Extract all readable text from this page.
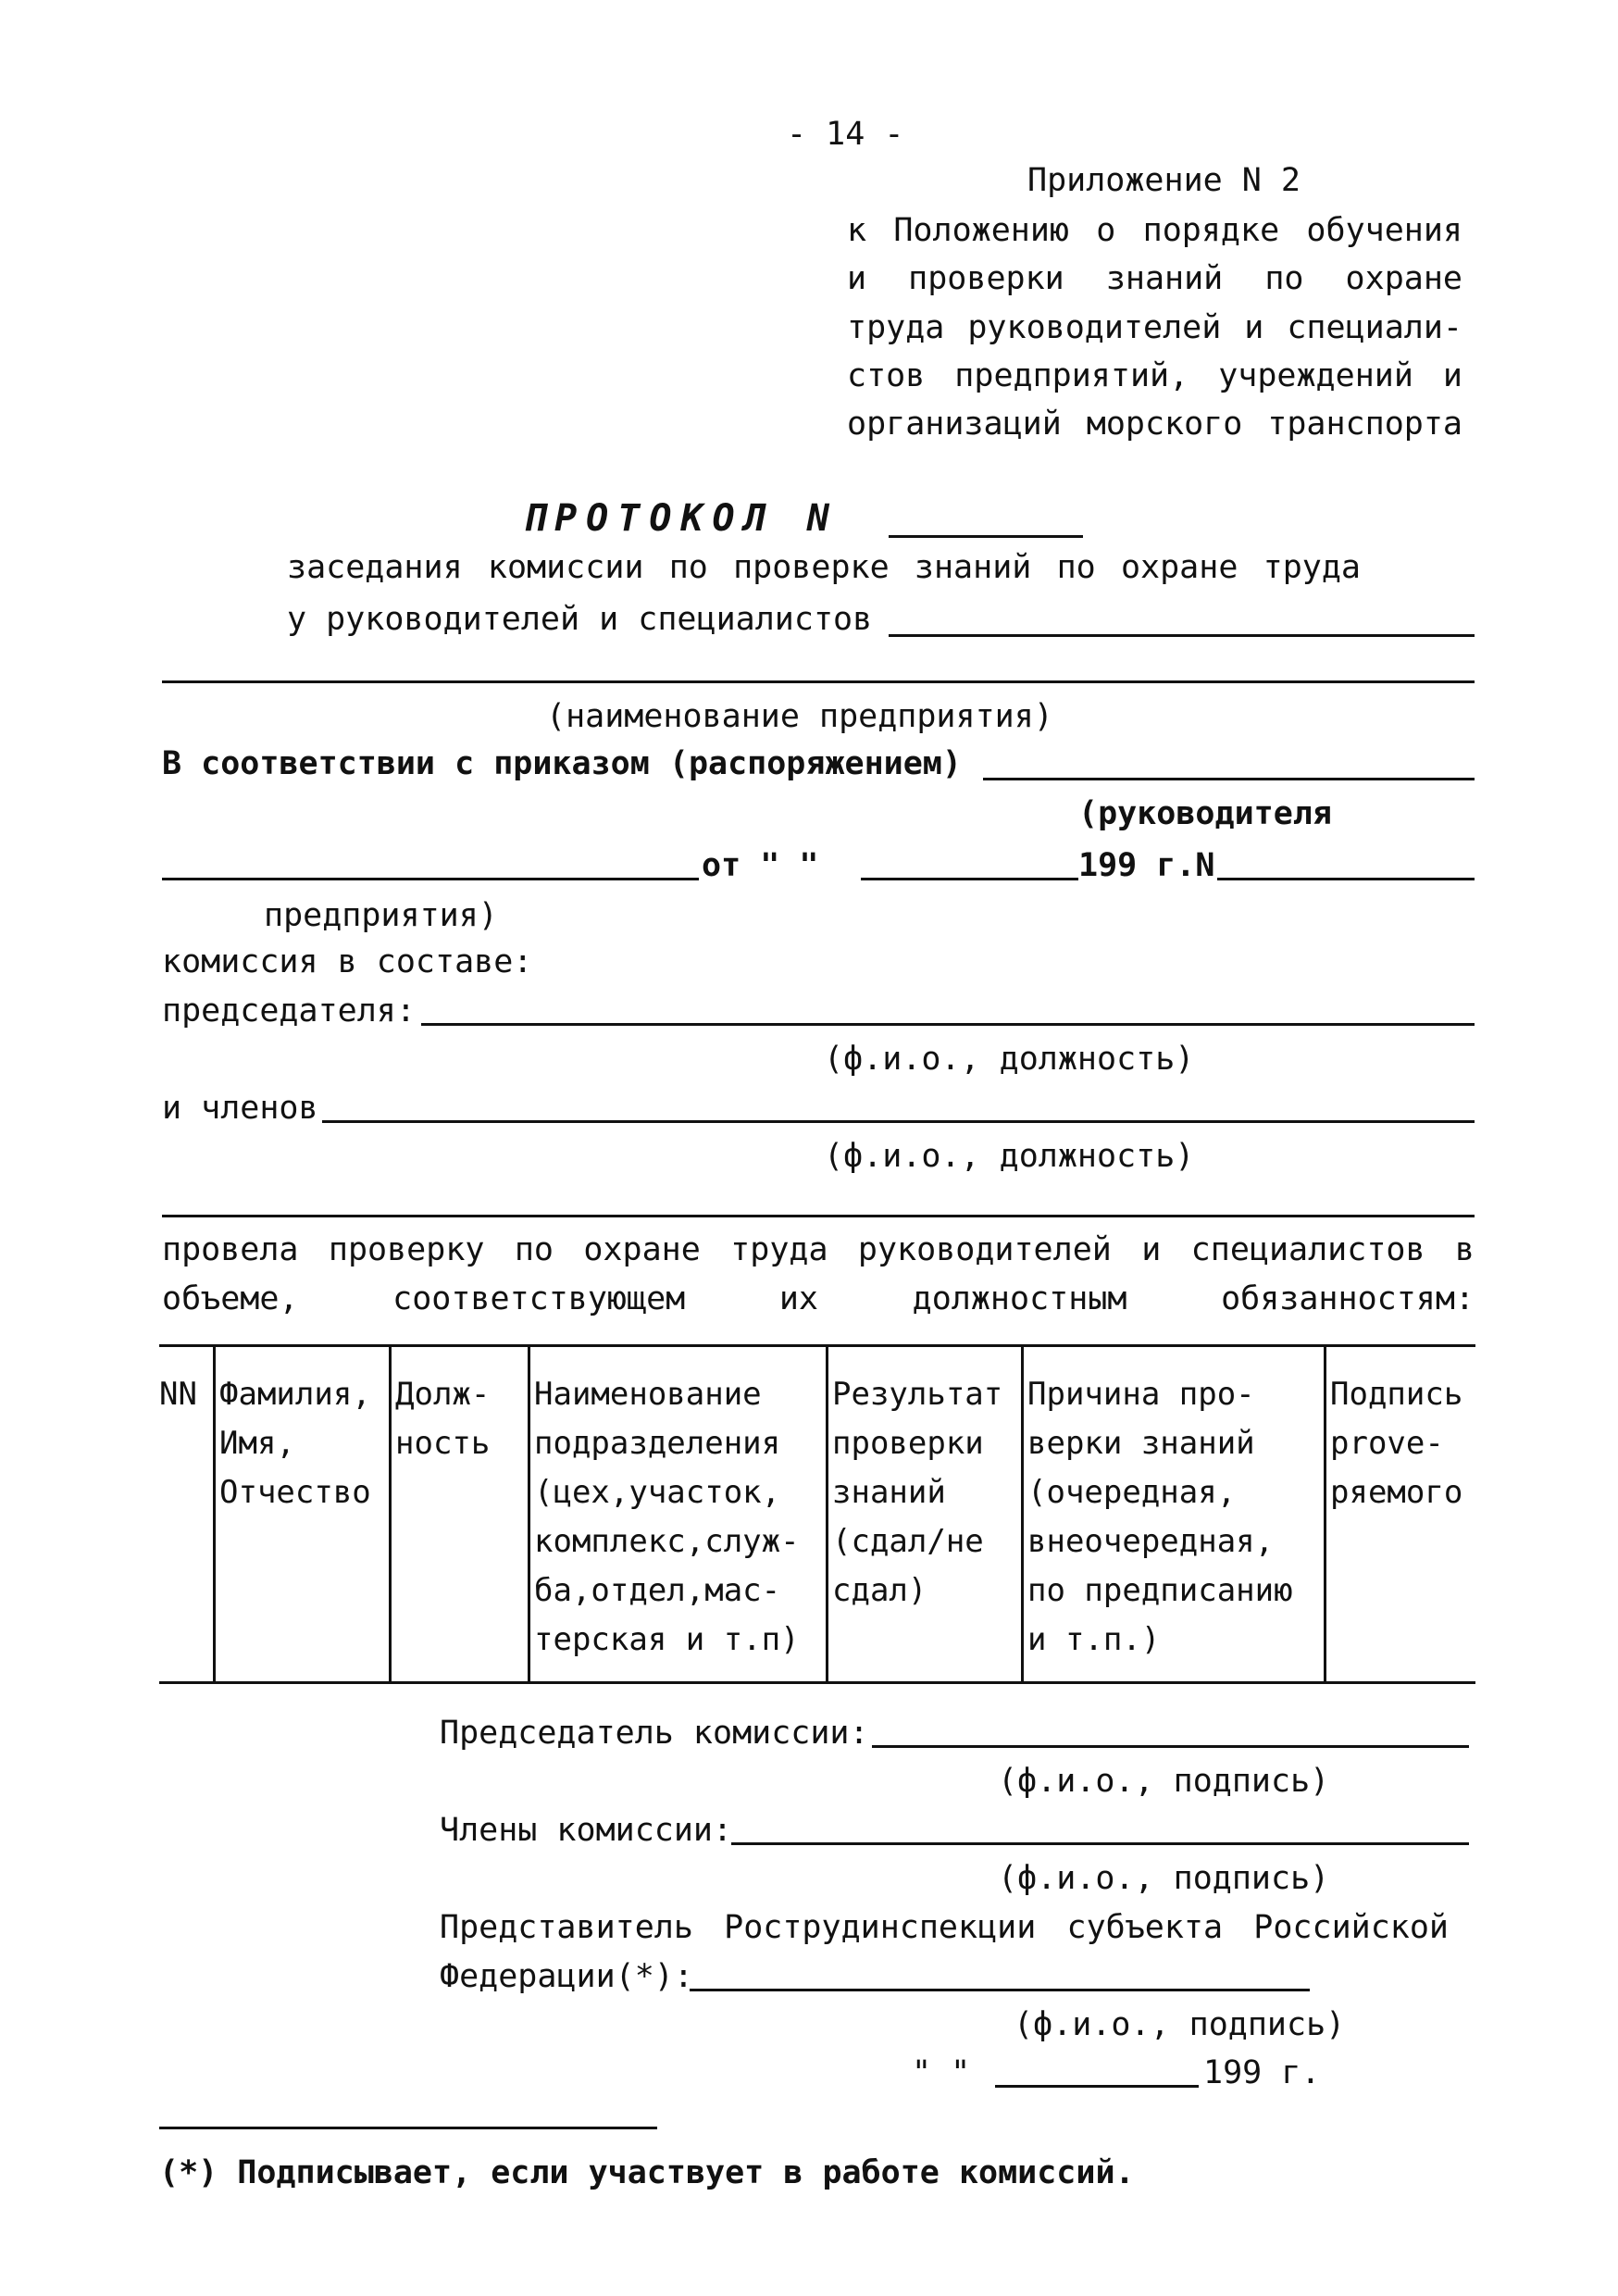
- 14 -
Приложение N 2
к Положению о порядке обучения
и проверки знаний по охране
труда руководителей и специали-
стов предприятий, учреждений и
организаций морского транспорта
ПРОТОКОЛ N
заседания комиссии по проверке знаний по охране труда
у руководителей и специалистов
(наименование предприятия)
В соответствии с приказом (распоряжением)
(руководителя
от " "	199 г.N
предприятия)
комиссия в составе:
председателя:
(ф.и.о., должность)
и членов
(ф.и.о., должность)
провела проверку по охране труда руководителей и специалистов в
объеме, соответствующем их должностным обязанностям:
NN Фамилия,
Имя,
Отчество
Долж-
ность
Наименование
подразделения
(цех,участок,
комплекс,служ-
ба,отдел,мас-
терская и т.п)
Результат
проверки
знаний
(сдал/не
сдал)
Причина про-
верки знаний
(очередная,
внеочередная,
по предписанию
и т.п.)
Подпись
prove-
ряемого
Председатель комиссии:
(ф.и.о., подпись)
Члены комиссии:
(ф.и.о., подпись)
Представитель Рострудинспекции субъекта Российской
Федерации(*):
(ф.и.о., подпись)
" "	199 г.
(*) Подписывает, если участвует в работе комиссий.
